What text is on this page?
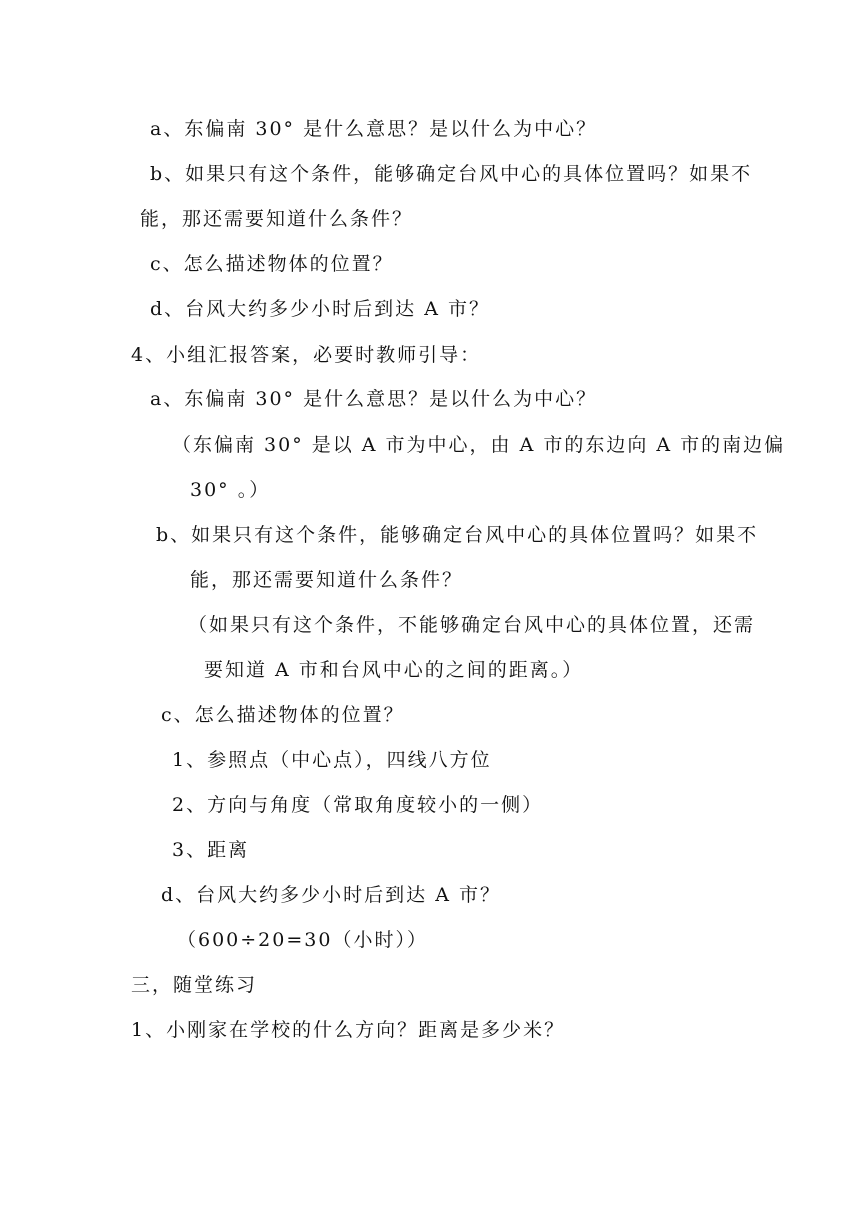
a、东偏南 30° 是什么意思？是以什么为中心？
b、如果只有这个条件，能够确定台风中心的具体位置吗？如果不
能，那还需要知道什么条件？
c、怎么描述物体的位置？
d、台风大约多少小时后到达 A 市？
4、小组汇报答案，必要时教师引导：
a、东偏南 30° 是什么意思？是以什么为中心？
（东偏南 30° 是以 A 市为中心，由 A 市的东边向 A 市的南边偏
30° 。）
b、如果只有这个条件，能够确定台风中心的具体位置吗？如果不
能，那还需要知道什么条件？
（如果只有这个条件，不能够确定台风中心的具体位置，还需
要知道 A 市和台风中心的之间的距离。）
c、怎么描述物体的位置？
1、参照点（中心点），四线八方位
2、方向与角度（常取角度较小的一侧）
3、距离
d、台风大约多少小时后到达 A 市？
（600÷20=30（小时））
三，随堂练习
1、小刚家在学校的什么方向？距离是多少米？
